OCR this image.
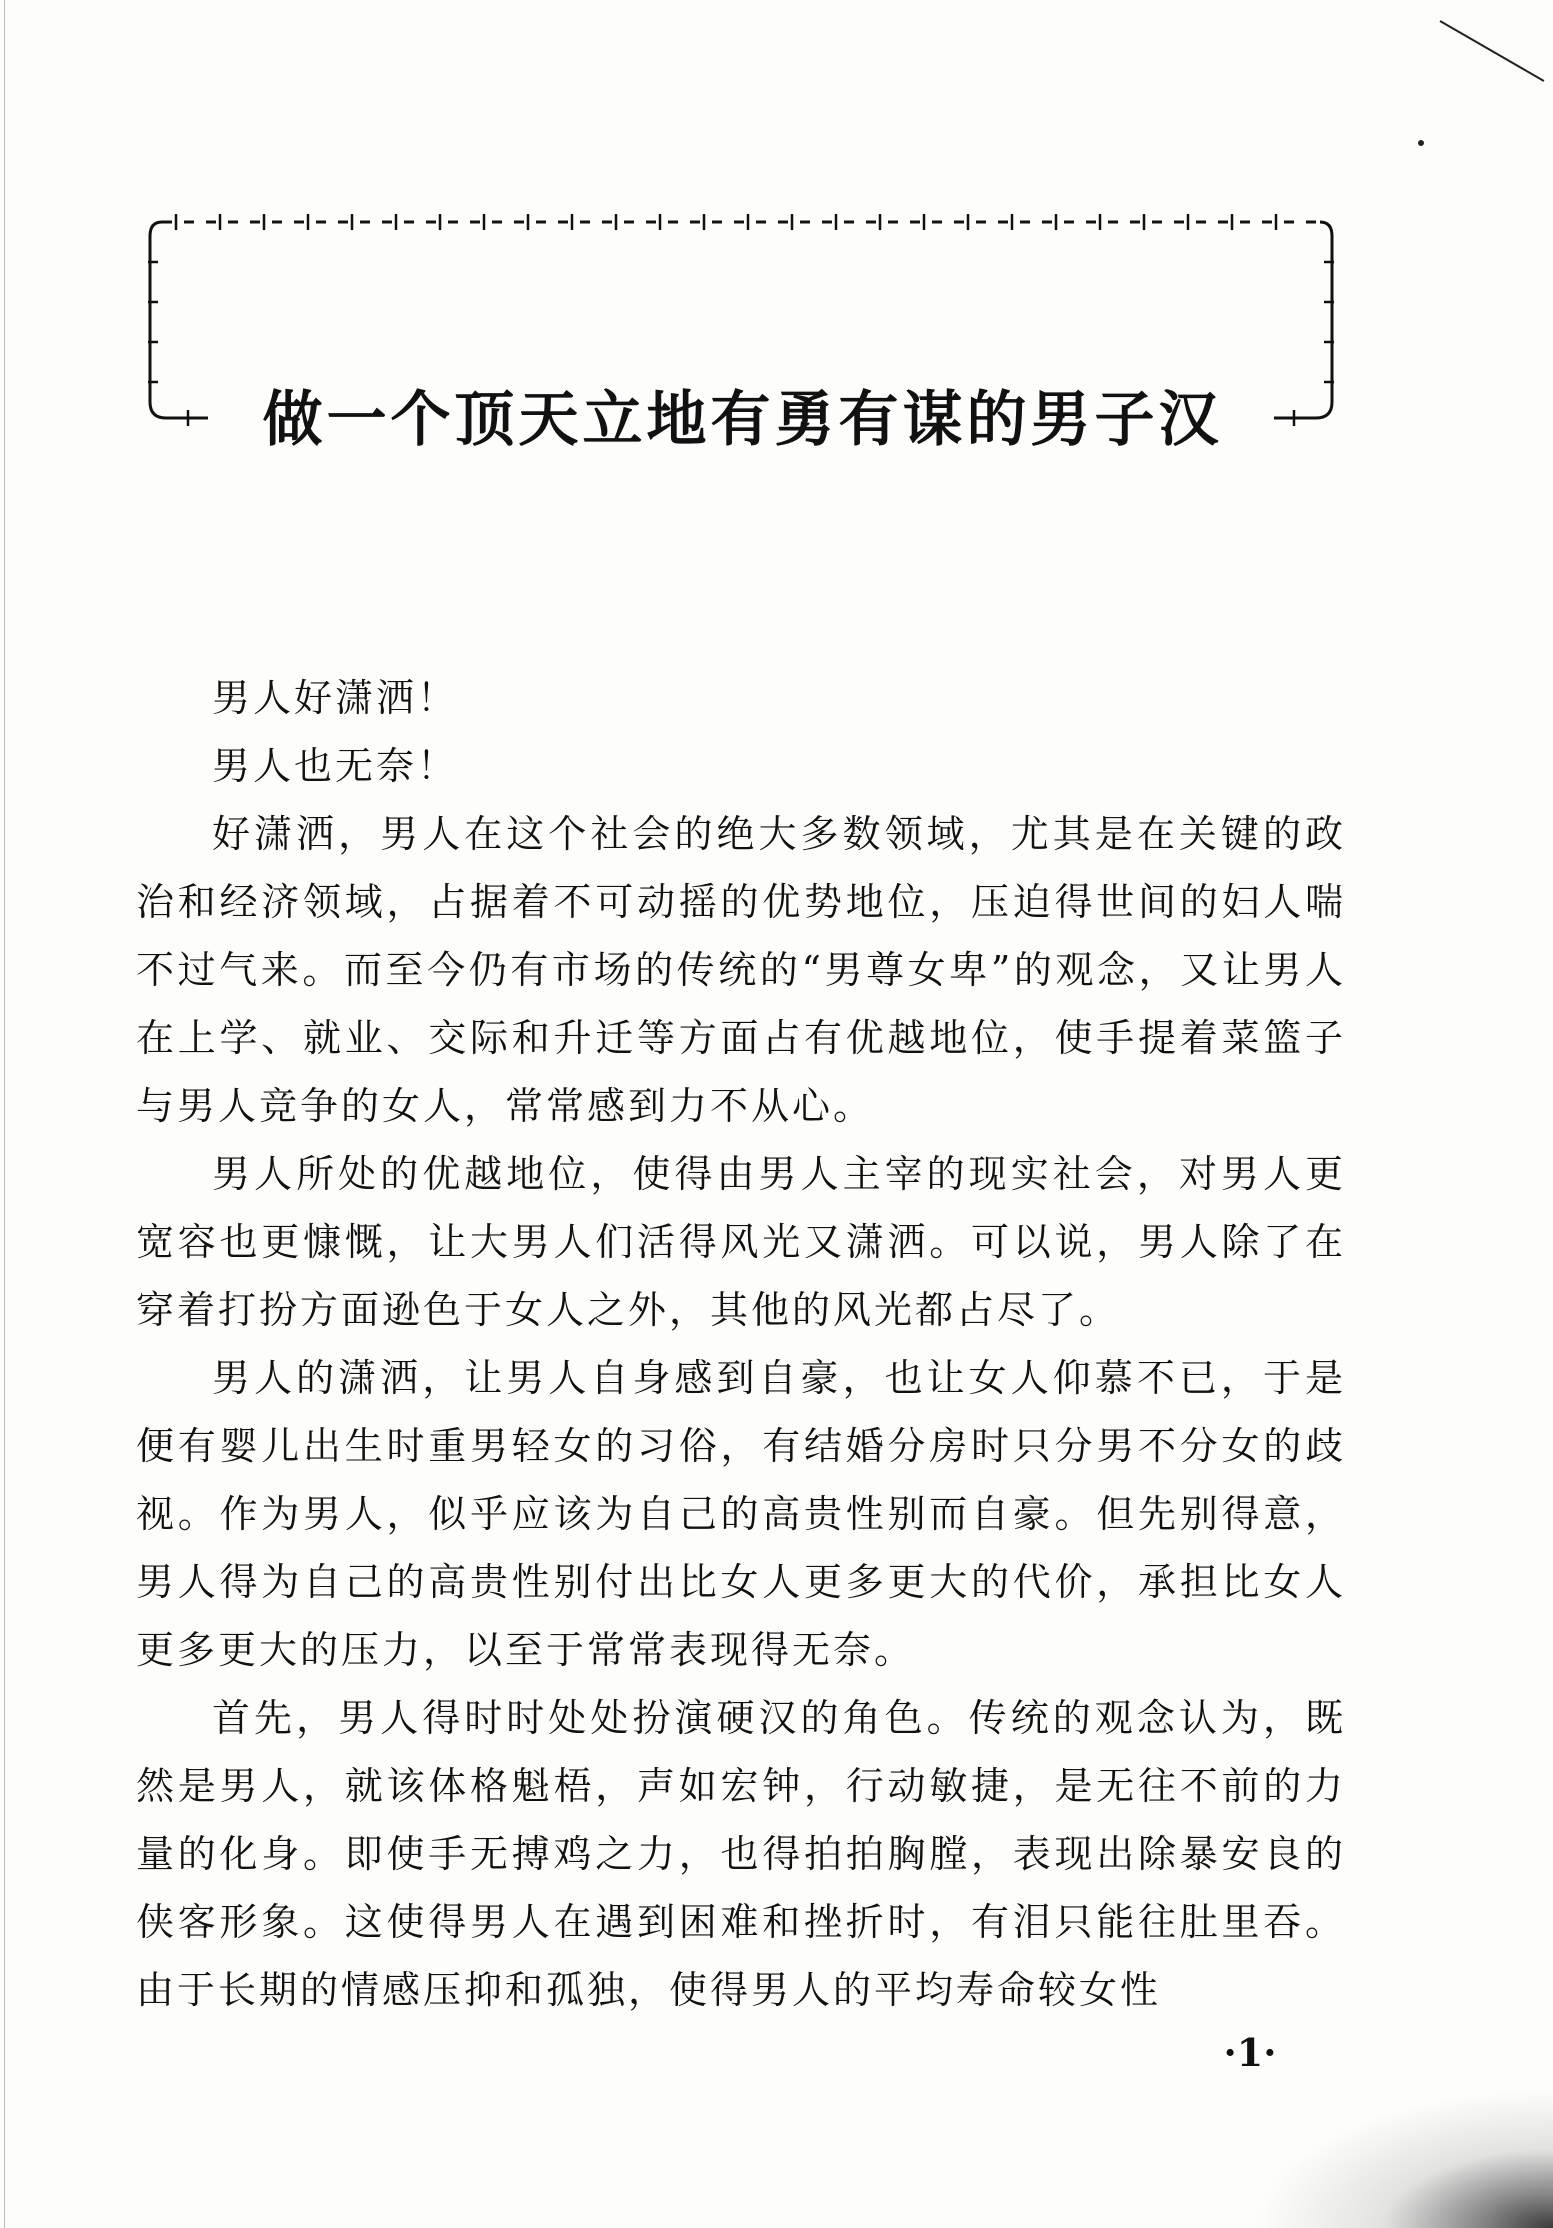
做一个顶天立地有勇有谋的男子汉

男人好潇洒！

男人也无奈！

好潇洒，男人在这个社会的绝大多数领域，尤其是在关键的政治和经济领域，占据着不可动摇的优势地位，压迫得世间的妇人喘不过气来。而至今仍有市场的传统的“男尊女卑”的观念，又让男人在上学、就业、交际和升迁等方面占有优越地位，使手提着菜篮子与男人竞争的女人，常常感到力不从心。

男人所处的优越地位，使得由男人主宰的现实社会，对男人更宽容也更慷慨，让大男人们活得风光又潇洒。可以说，男人除了在穿着打扮方面逊色于女人之外，其他的风光都占尽了。

男人的潇洒，让男人自身感到自豪，也让女人仰慕不已，于是便有婴儿出生时重男轻女的习俗，有结婚分房时只分男不分女的歧视。作为男人，似乎应该为自己的高贵性别而自豪。但先别得意，男人得为自己的高贵性别付出比女人更多更大的代价，承担比女人更多更大的压力，以至于常常表现得无奈。

首先，男人得时时处处扮演硬汉的角色。传统的观念认为，既然是男人，就该体格魁梧，声如宏钟，行动敏捷，是无往不前的力量的化身。即使手无搏鸡之力，也得拍拍胸膛，表现出除暴安良的侠客形象。这使得男人在遇到困难和挫折时，有泪只能往肚里吞。由于长期的情感压抑和孤独，使得男人的平均寿命较女性

·1·
